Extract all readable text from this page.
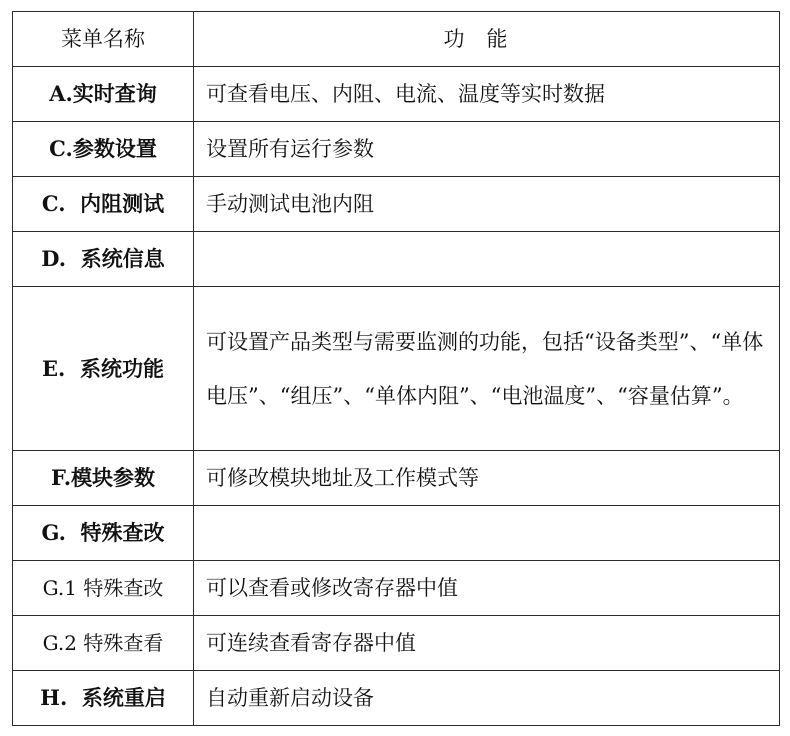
菜单名称	功能
A.实时查询	可查看电压、内阻、电流、温度等实时数据
C.参数设置	设置所有运行参数
C.  内阻测试	手动测试电池内阻
D.  系统信息	
E.  系统功能	可设置产品类型与需要监测的功能，包括“设备类型”、“单体电压”、“组压”、“单体内阻”、“电池温度”、“容量估算”。
F.模块参数	可修改模块地址及工作模式等
G.  特殊查改	
G.1 特殊查改	可以查看或修改寄存器中值
G.2 特殊查看	可连续查看寄存器中值
H.  系统重启	自动重新启动设备
